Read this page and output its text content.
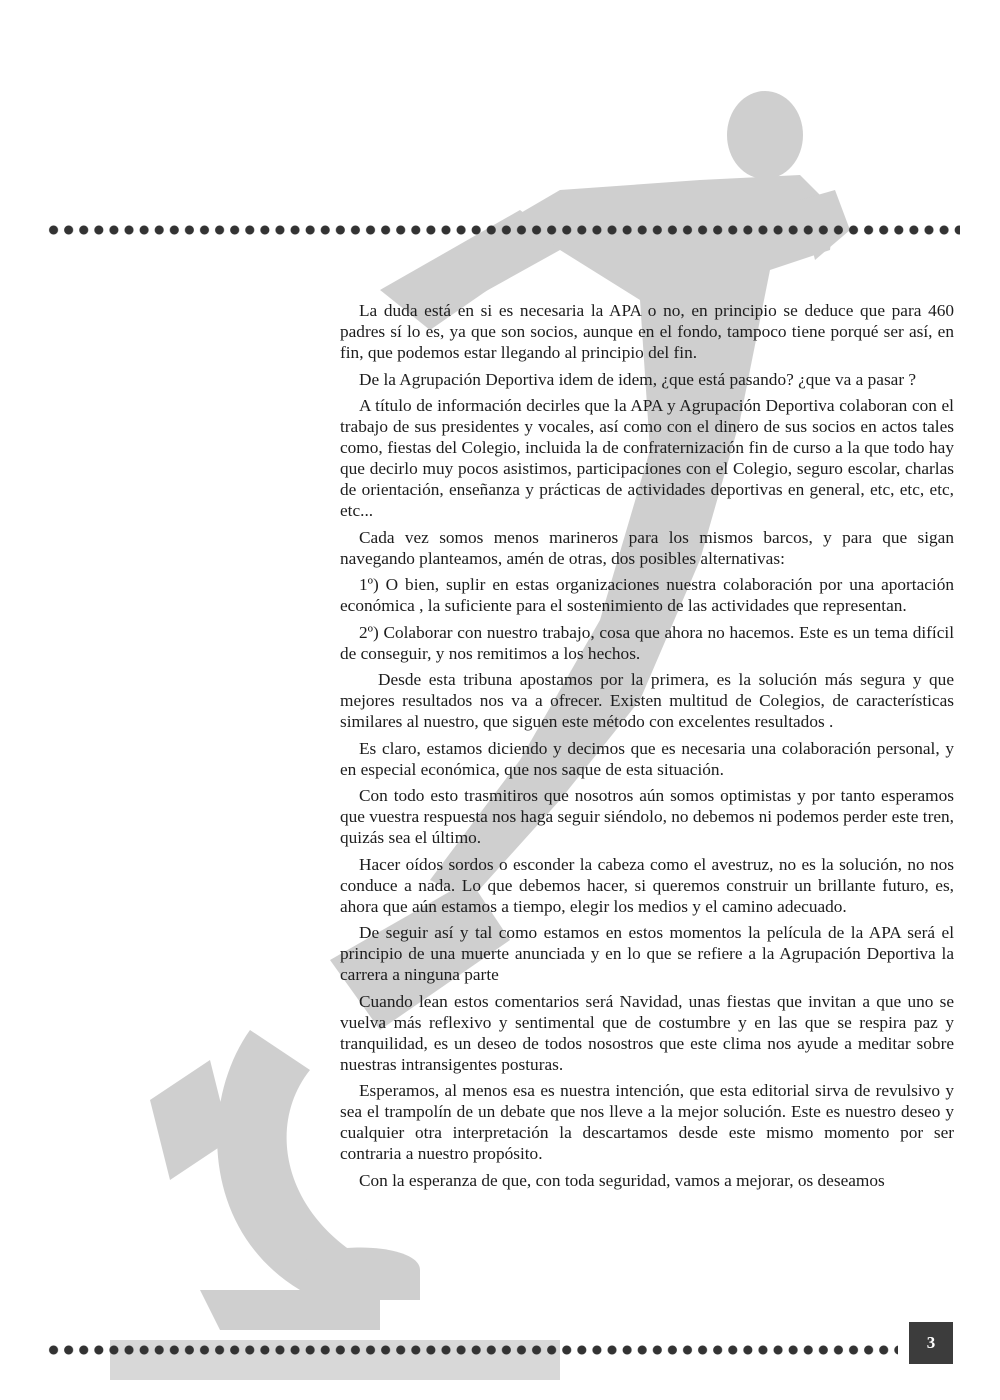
La duda está en si es necesaria la APA o no, en principio se deduce que para 460 padres sí lo es, ya que son socios, aunque en el fondo, tampoco tiene porqué ser así, en fin, que podemos estar llegando al principio del fin.

De la Agrupación Deportiva idem de idem, ¿que está pasando? ¿que va a pasar ?

A título de información decirles que la APA y Agrupación Deportiva colaboran con el trabajo de sus presidentes y vocales, así como con el dinero de sus socios en actos tales como, fiestas del Colegio, incluida la de confraternización fin de curso a la que todo hay que decirlo muy pocos asistimos, participaciones con el Colegio, seguro escolar, charlas de orientación, enseñanza y prácticas de actividades deportivas en general, etc, etc, etc, etc...

Cada vez somos menos marineros para los mismos barcos, y para que sigan navegando planteamos, amén de otras, dos posibles alternativas:

1º) O bien, suplir en estas organizaciones nuestra colaboración por una aportación económica , la suficiente para el sostenimiento de las actividades que representan.

2º) Colaborar con nuestro trabajo, cosa que ahora no hacemos. Este es un tema difícil de conseguir, y nos remitimos a los hechos.

Desde esta tribuna apostamos por la primera, es la solución más segura y que mejores resultados nos va a ofrecer. Existen multitud de Colegios, de características similares al nuestro, que siguen este método con excelentes resultados .

Es claro, estamos diciendo y decimos que es necesaria una colaboración personal, y en especial económica, que nos saque de esta situación.

Con todo esto trasmitiros que nosotros aún somos optimistas y por tanto esperamos que vuestra respuesta nos haga seguir siéndolo, no debemos ni podemos perder este tren, quizás sea el último.

Hacer oídos sordos o esconder la cabeza como el avestruz, no es la solución, no nos conduce a nada. Lo que debemos hacer, si queremos construir un brillante futuro, es, ahora que aún estamos a tiempo, elegir los medios y el camino adecuado.

De seguir así y tal como estamos en estos momentos la película de la APA será el principio de una muerte anunciada y en lo que se refiere a la Agrupación Deportiva la carrera a ninguna parte

Cuando lean estos comentarios será Navidad, unas fiestas que invitan a que uno se vuelva más reflexivo y sentimental que de costumbre y en las que se respira paz y tranquilidad, es un deseo de todos nosostros que este clima nos ayude a meditar sobre nuestras intransigentes posturas.

Esperamos, al menos esa es nuestra intención, que esta editorial sirva de revulsivo y sea el trampolín de un debate que nos lleve a la mejor solución. Este es nuestro deseo y cualquier otra interpretación la descartamos desde este mismo momento por ser contraria a nuestro propósito.

Con la esperanza de que, con toda seguridad, vamos a mejorar, os deseamos

3
